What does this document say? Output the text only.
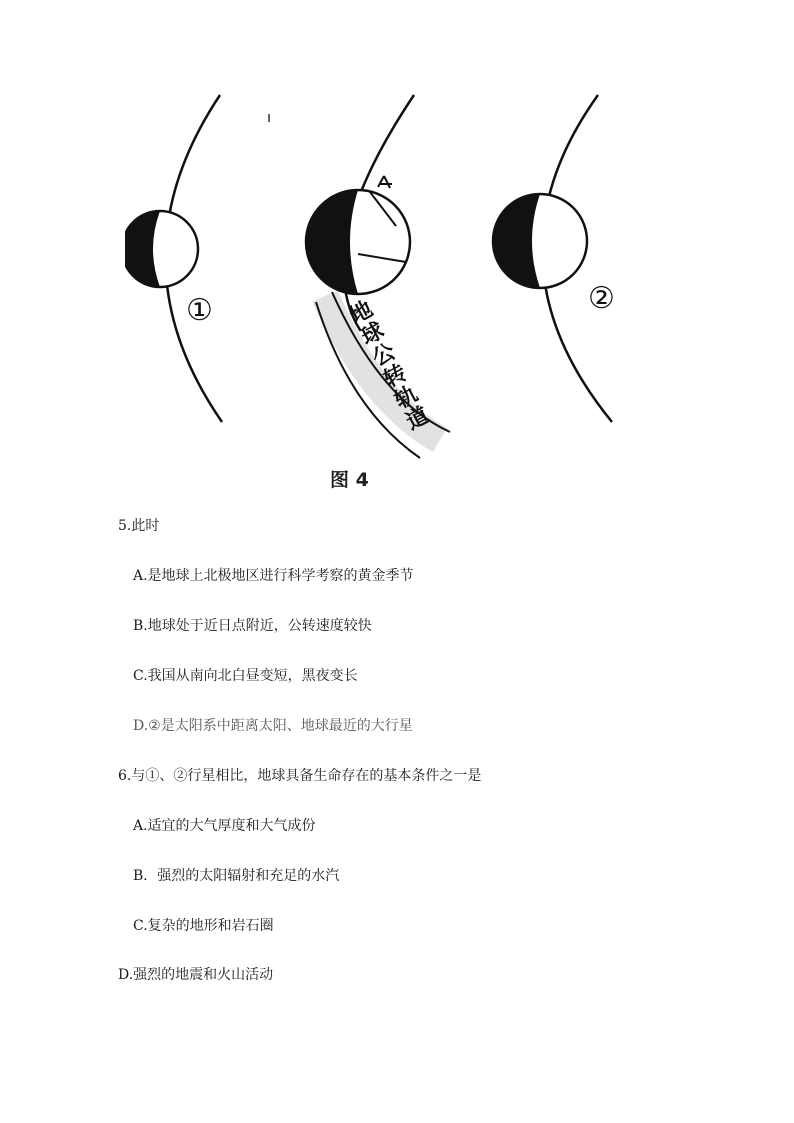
①	②
地球公转轨道
图 4
5.此时
A.是地球上北极地区进行科学考察的黄金季节
B.地球处于近日点附近，公转速度较快
C.我国从南向北白昼变短，黑夜变长
D.②是太阳系中距离太阳、地球最近的大行星
6.与①、②行星相比，地球具备生命存在的基本条件之一是
A.适宜的大气厚度和大气成份
B．强烈的太阳辐射和充足的水汽
C.复杂的地形和岩石圈
D.强烈的地震和火山活动
